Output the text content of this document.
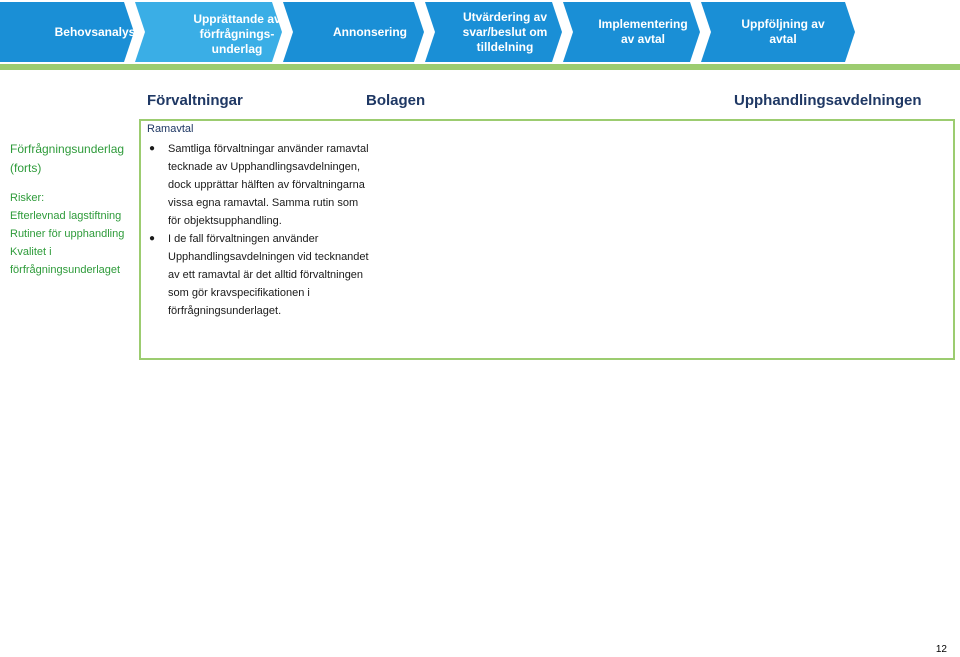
Behovsanalys
Upprättande av förfrågnings-underlag
Annonsering
Utvärdering av svar/beslut om tilldelning
Implementering av avtal
Uppföljning av avtal
Förvaltningar	Bolagen	Upphandlingsavdelningen
Förfrågningsunderlag
(forts)
Risker:
Efterlevnad lagstiftning
Rutiner för upphandling
Kvalitet i
förfrågningsunderlaget
Ramavtal
● Samtliga förvaltningar använder ramavtal tecknade av Upphandlingsavdelningen, dock upprättar hälften av förvaltningarna vissa egna ramavtal. Samma rutin som för objektsupphandling.
● I de fall förvaltningen använder Upphandlingsavdelningen vid tecknandet av ett ramavtal är det alltid förvaltningen som gör kravspecifikationen i förfrågningsunderlaget.
12
